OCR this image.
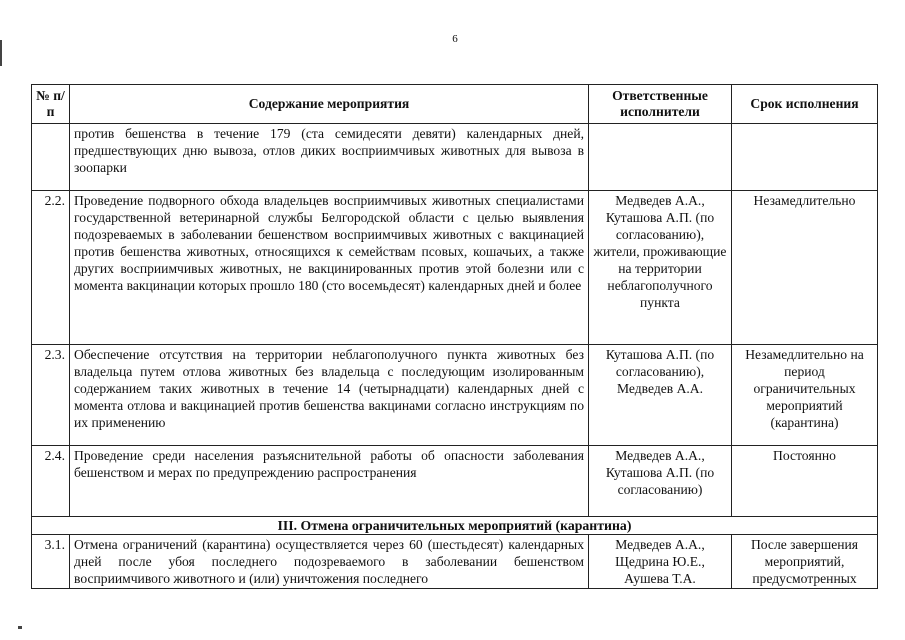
6
№ п/п	Содержание мероприятия	Ответственные исполнители	Срок исполнения
	против бешенства в течение 179 (ста семидесяти девяти) календарных дней, предшествующих дню вывоза, отлов диких восприимчивых животных для вывоза в зоопарки		
2.2.	Проведение подворного обхода владельцев восприимчивых животных специалистами государственной ветеринарной службы Белгородской области с целью выявления подозреваемых в заболевании бешенством восприимчивых животных с вакцинацией против бешенства животных, относящихся к семействам псовых, кошачьих, а также других восприимчивых животных, не вакцинированных против этой болезни или с момента вакцинации которых прошло 180 (сто восемьдесят) календарных дней и более	Медведев А.А., Куташова А.П. (по согласованию), жители, проживающие на территории неблагополучного пункта	Незамедлительно
2.3.	Обеспечение отсутствия на территории неблагополучного пункта животных без владельца путем отлова животных без владельца с последующим изолированным содержанием таких животных в течение 14 (четырнадцати) календарных дней с момента отлова и вакцинацией против бешенства вакцинами согласно инструкциям по их применению	Куташова А.П. (по согласованию), Медведев А.А.	Незамедлительно на период ограничительных мероприятий (карантина)
2.4.	Проведение среди населения разъяснительной работы об опасности заболевания бешенством и мерах по предупреждению распространения	Медведев А.А., Куташова А.П. (по согласованию)	Постоянно
III. Отмена ограничительных мероприятий (карантина)			
3.1.	Отмена ограничений (карантина) осуществляется через 60 (шестьдесят) календарных дней после убоя последнего подозреваемого в заболевании бешенством восприимчивого животного и (или) уничтожения последнего	Медведев А.А., Щедрина Ю.Е., Аушева Т.А.	После завершения мероприятий, предусмотренных
